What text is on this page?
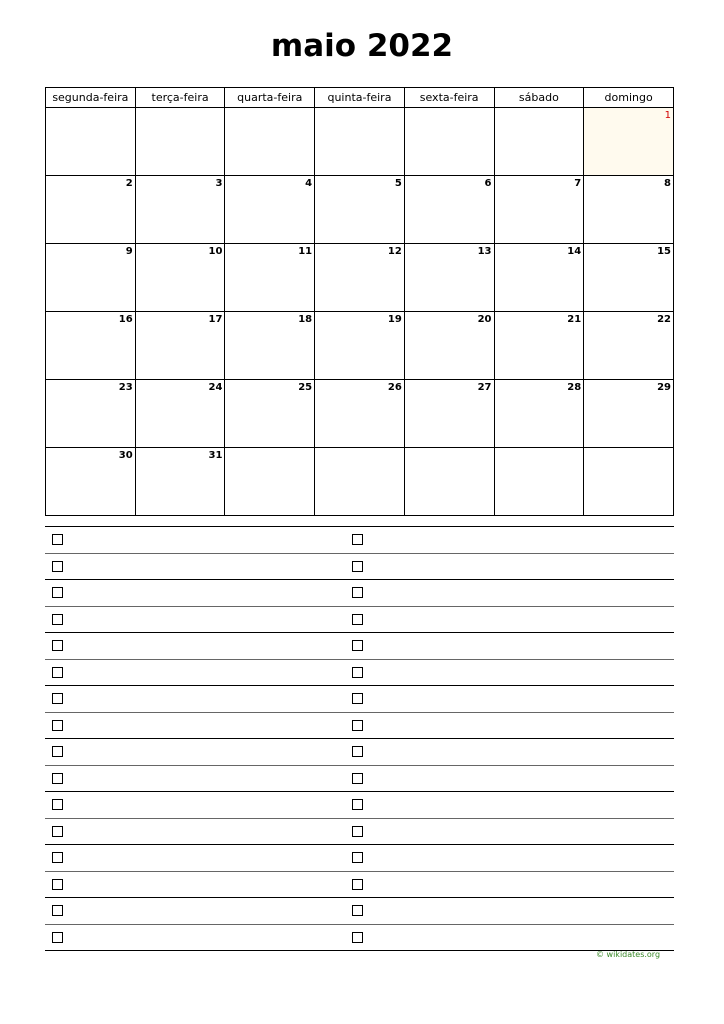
maio 2022
segunda-feira	terça-feira	quarta-feira	quinta-feira	sexta-feira	sábado	domingo
						1
2	3	4	5	6	7	8
9	10	11	12	13	14	15
16	17	18	19	20	21	22
23	24	25	26	27	28	29
30	31					
© wikidates.org
